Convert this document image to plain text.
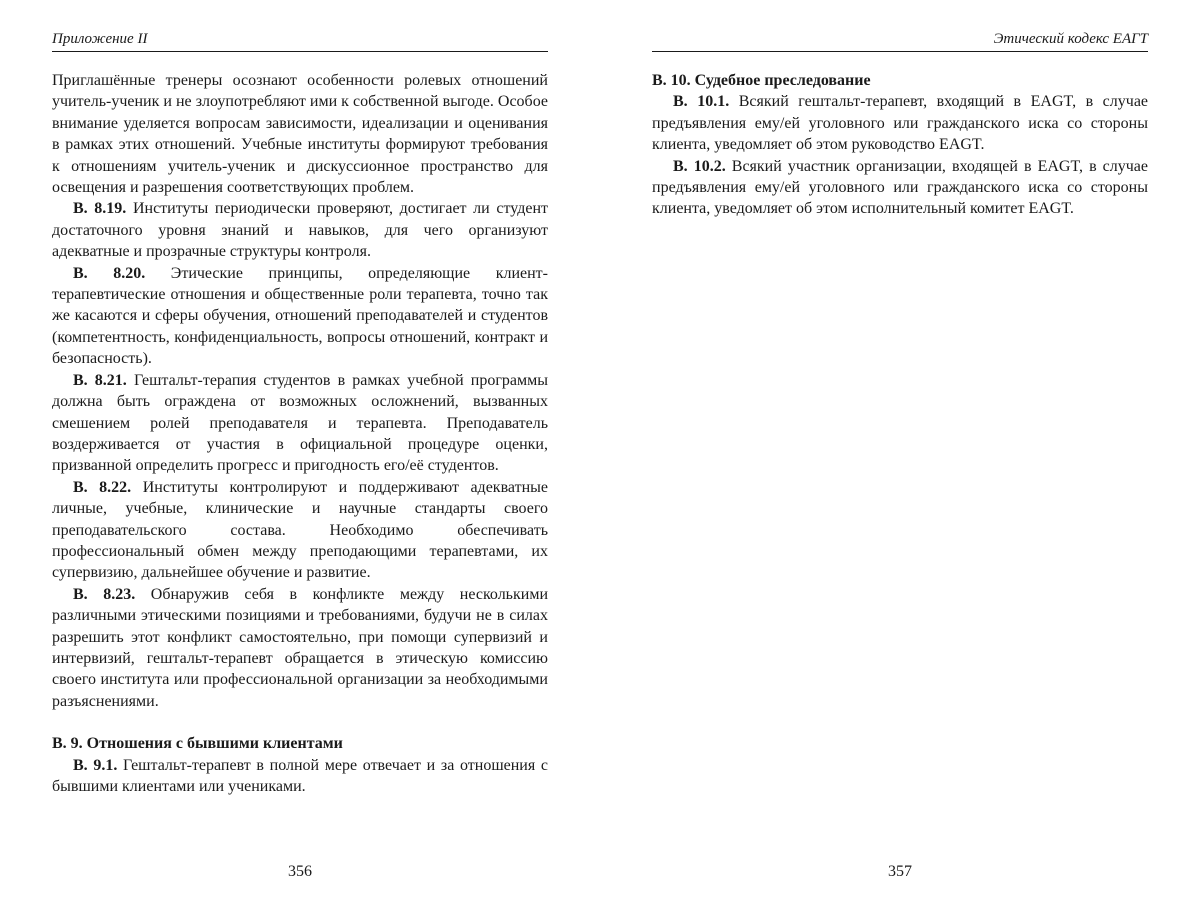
Приложение II

Приглашённые тренеры осознают особенности ролевых отношений учитель-ученик и не злоупотребляют ими к собственной выгоде. Особое внимание уделяется вопросам зависимости, идеализации и оценивания в рамках этих отношений. Учебные институты формируют требования к отношениям учитель-ученик и дискуссионное пространство для освещения и разрешения соответствующих проблем.

B. 8.19. Институты периодически проверяют, достигает ли студент достаточного уровня знаний и навыков, для чего организуют адекватные и прозрачные структуры контроля.

B. 8.20. Этические принципы, определяющие клиент-терапевтические отношения и общественные роли терапевта, точно так же касаются и сферы обучения, отношений преподавателей и студентов (компетентность, конфиденциальность, вопросы отношений, контракт и безопасность).

B. 8.21. Гештальт-терапия студентов в рамках учебной программы должна быть ограждена от возможных осложнений, вызванных смешением ролей преподавателя и терапевта. Преподаватель воздерживается от участия в официальной процедуре оценки, призванной определить прогресс и пригодность его/её студентов.

B. 8.22. Институты контролируют и поддерживают адекватные личные, учебные, клинические и научные стандарты своего преподавательского состава. Необходимо обеспечивать профессиональный обмен между преподающими терапевтами, их супервизию, дальнейшее обучение и развитие.

B. 8.23. Обнаружив себя в конфликте между несколькими различными этическими позициями и требованиями, будучи не в силах разрешить этот конфликт самостоятельно, при помощи супервизий и интервизий, гештальт-терапевт обращается в этическую комиссию своего института или профессиональной организации за необходимыми разъяснениями.

B. 9. Отношения с бывшими клиентами

B. 9.1. Гештальт-терапевт в полной мере отвечает и за отношения с бывшими клиентами или учениками.

356
Этический кодекс EAГT
B. 10. Судебное преследование

B. 10.1. Всякий гештальт-терапевт, входящий в EAGT, в случае предъявления ему/ей уголовного или гражданского иска со стороны клиента, уведомляет об этом руководство EAGT.

B. 10.2. Всякий участник организации, входящей в EAGT, в случае предъявления ему/ей уголовного или гражданского иска со стороны клиента, уведомляет об этом исполнительный комитет EAGT.

357
